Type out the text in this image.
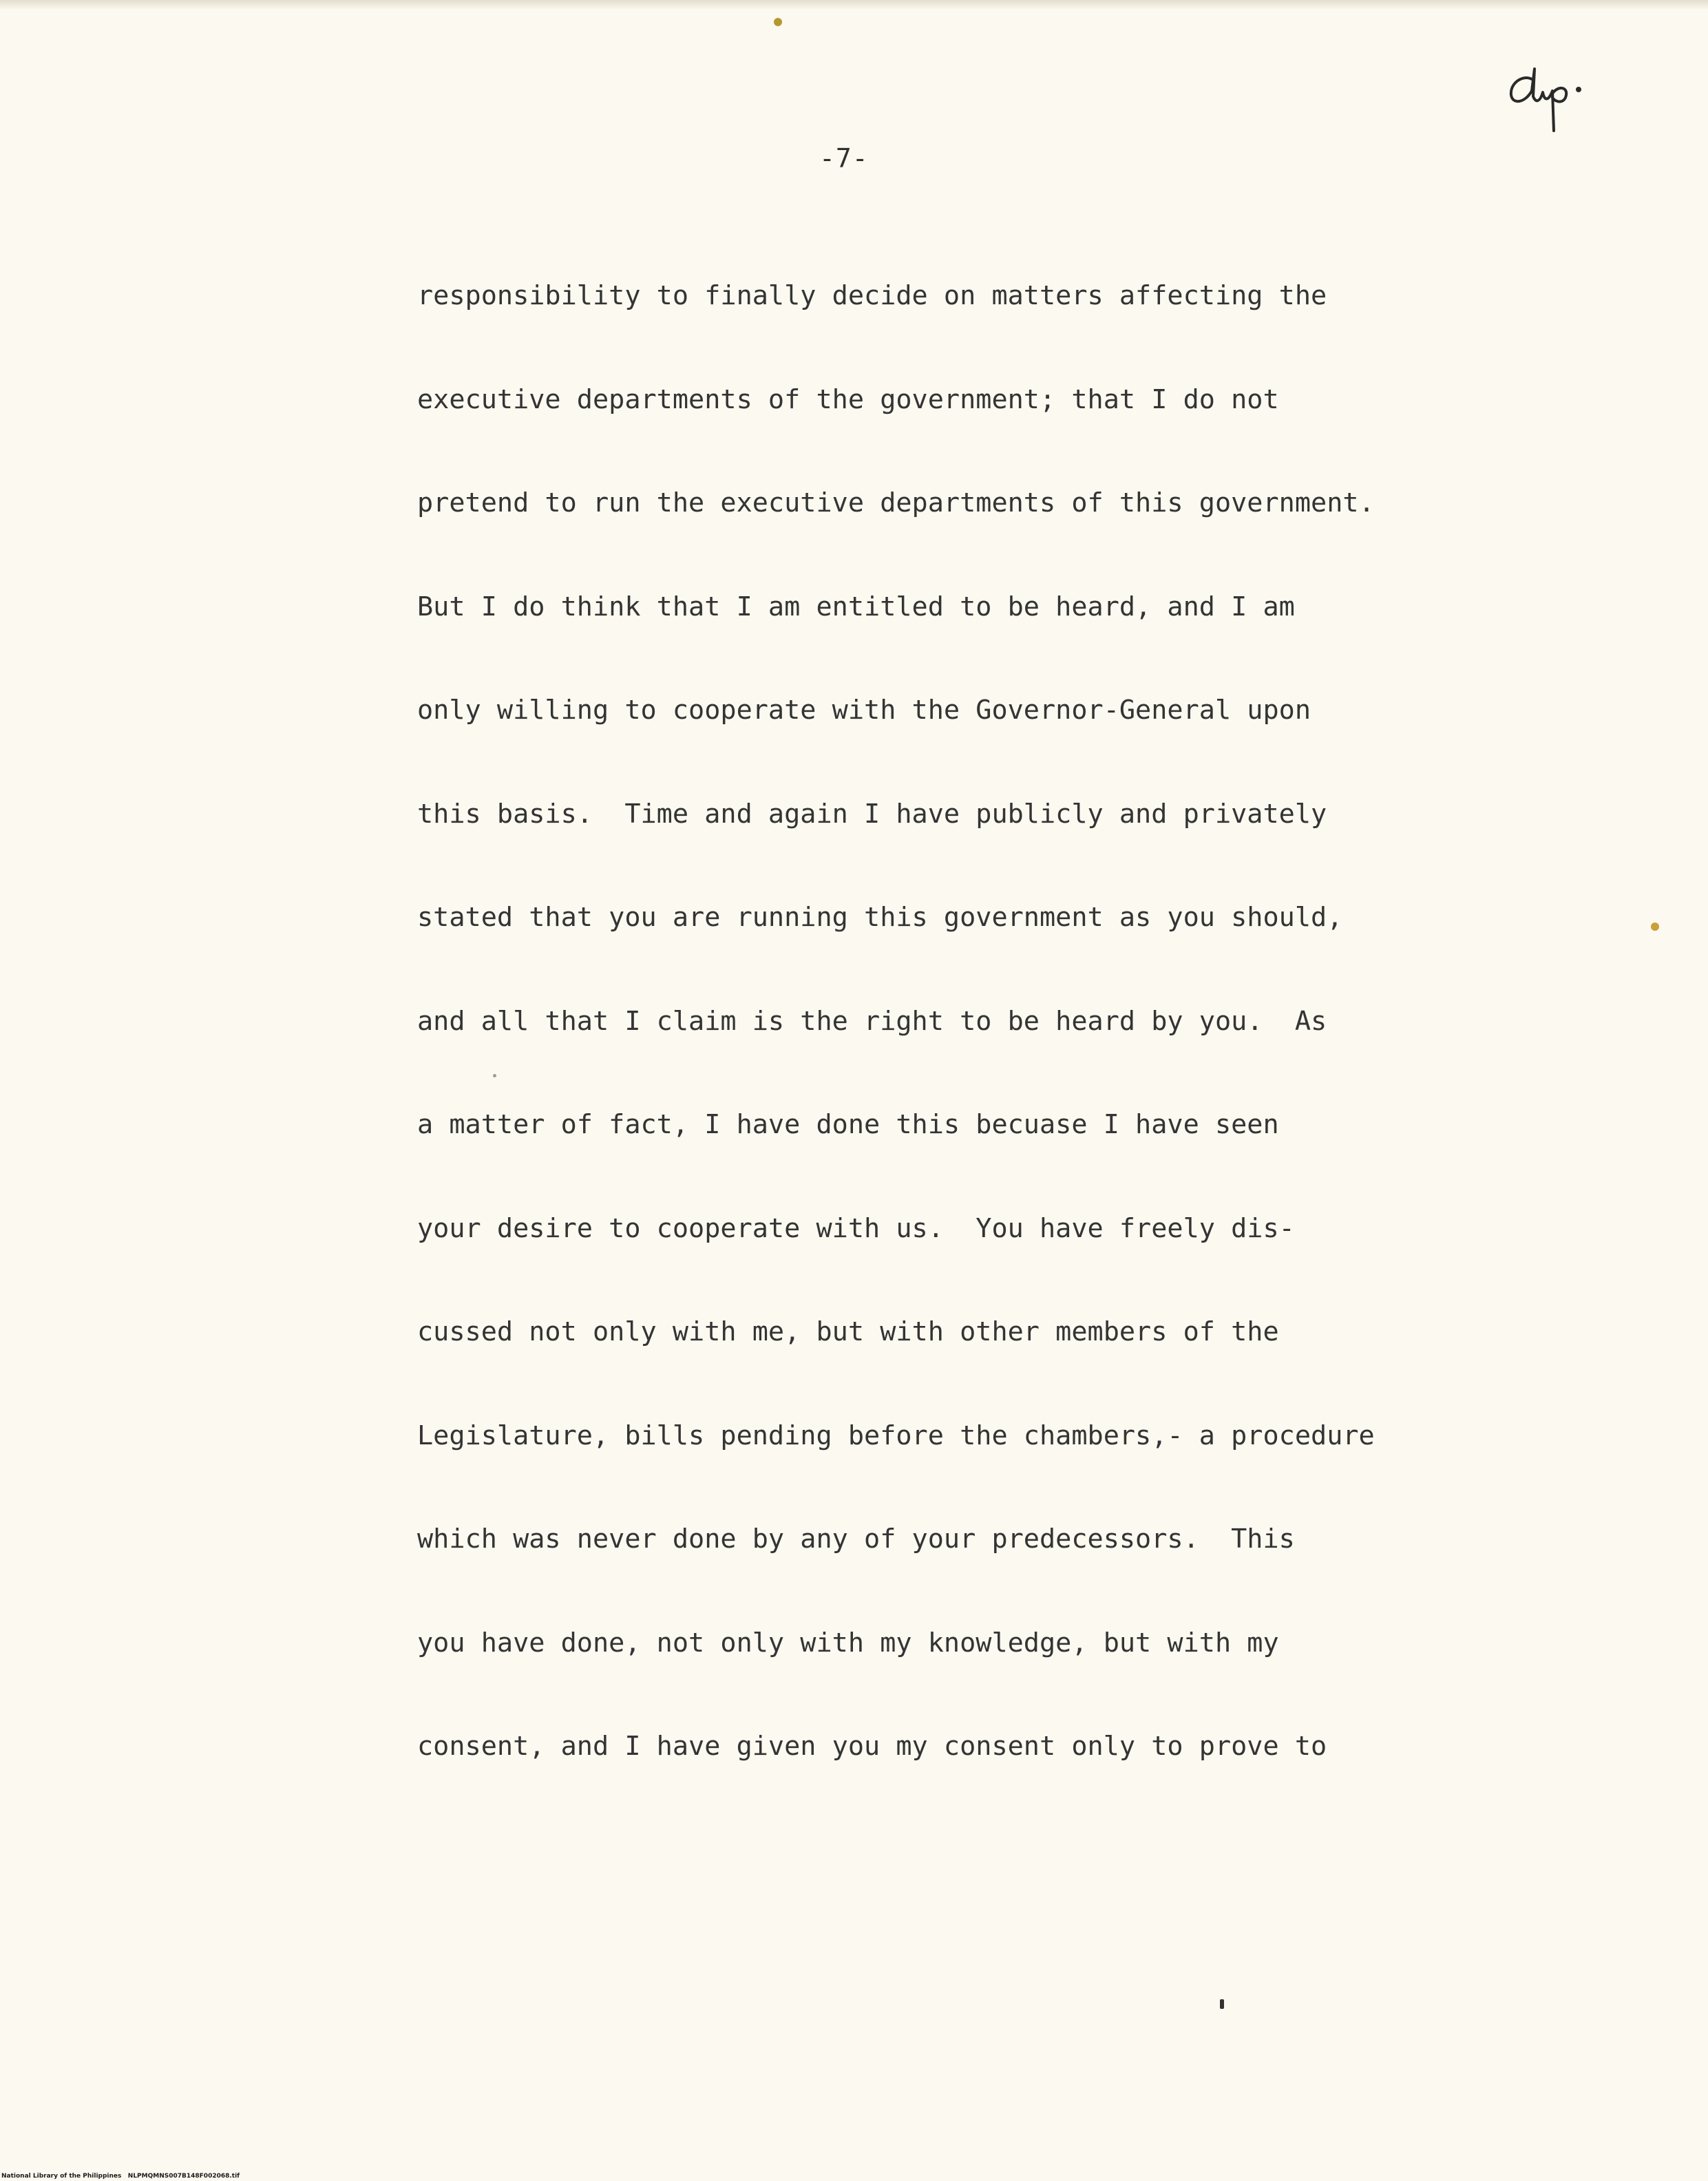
-7-
responsibility to finally decide on matters affecting the
executive departments of the government; that I do not
pretend to run the executive departments of this government.
But I do think that I am entitled to be heard, and I am
only willing to cooperate with the Governor-General upon
this basis.  Time and again I have publicly and privately
stated that you are running this government as you should,
and all that I claim is the right to be heard by you.  As
a matter of fact, I have done this becuase I have seen
your desire to cooperate with us.  You have freely dis-
cussed not only with me, but with other members of the
Legislature, bills pending before the chambers,- a procedure
which was never done by any of your predecessors.  This
you have done, not only with my knowledge, but with my
consent, and I have given you my consent only to prove to
National Library of the Philippines NLPMQMNS007B148F002068.tif
